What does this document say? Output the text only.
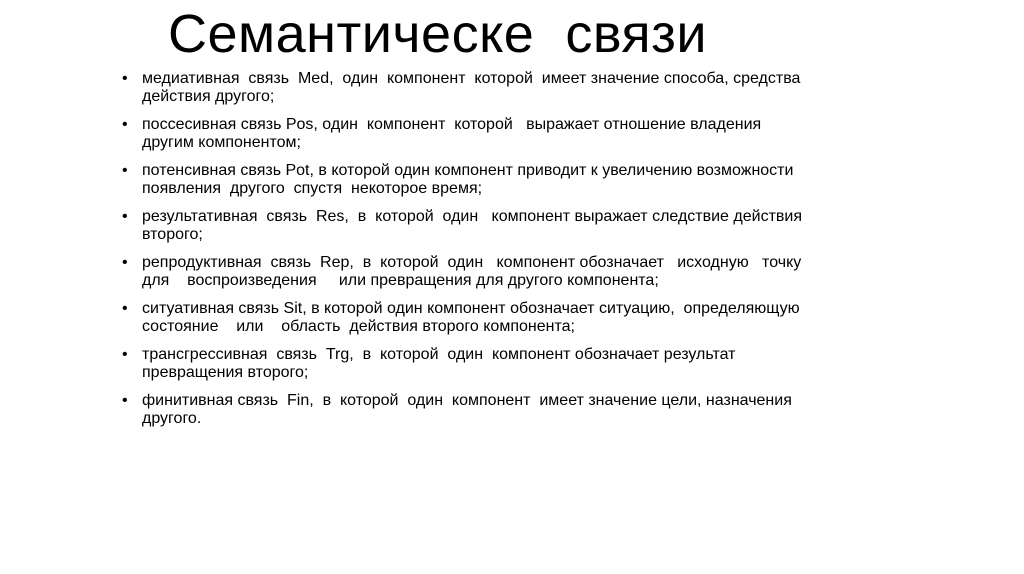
Семантическе  связи
• медиативная  связь  Med,  один  компонент  которой  имеет значение способа, средства
действия другого;
• поссесивная связь Pos, один  компонент  которой   выражает отношение владения
другим компонентом;
• потенсивная связь Pot, в которой один компонент приводит к увеличению возможности
появления  другого  спустя  некоторое время;
• результативная  связь  Res,  в  которой  один   компонент выражает следствие действия
второго;
• репродуктивная  связь  Rep,  в  которой  один   компонент обозначает   исходную   точку
для    воспроизведения     или превращения для другого компонента;
• ситуативная связь Sit, в которой один компонент обозначает ситуацию,  определяющую
состояние    или    область  действия второго компонента;
• трансгрессивная  связь  Trg,  в  которой  один  компонент обозначает результат
превращения второго;
• финитивная связь  Fin,  в  которой  один  компонент  имеет значение цели, назначения
другого.
